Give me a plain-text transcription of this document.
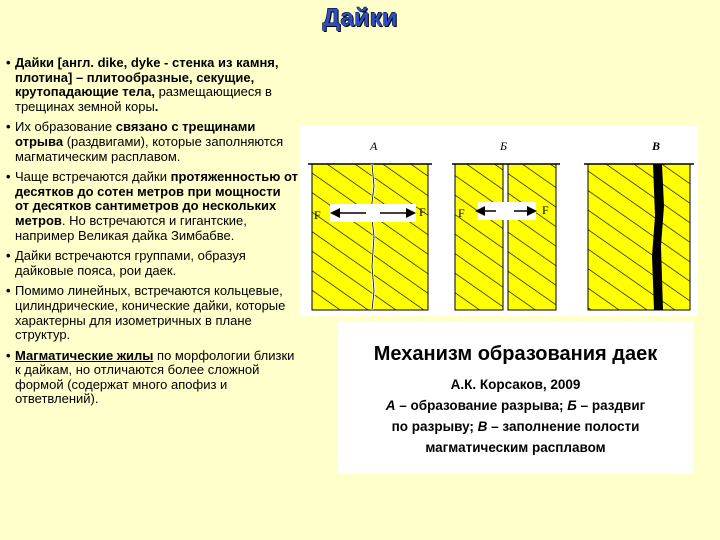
Дайки
• Дайки [англ. dike, dyke - стенка из камня, плотина] – плитообразные, секущие, крутопадающие тела, размещающиеся в трещинах земной коры.
• Их образование связано с трещинами отрыва (раздвигами), которые заполняются магматическим расплавом.
• Чаще встречаются дайки протяженностью от десятков до сотен метров при мощности от десятков сантиметров до нескольких метров. Но встречаются и гигантские, например Великая дайка Зимбабве.
• Дайки встречаются группами, образуя дайковые пояса, рои даек.
• Помимо линейных, встречаются кольцевые, цилиндрические, конические дайки, которые характерны для изометричных в плане структур.
• Магматические жилы по морфологии близки к дайкам, но отличаются более сложной формой (содержат много апофиз и ответвлений).
А
F	F
Б
F	F
В
Механизм образования даек
А.К. Корсаков, 2009
А – образование разрыва; Б – раздвиг
по разрыву; В – заполнение полости
магматическим расплавом
